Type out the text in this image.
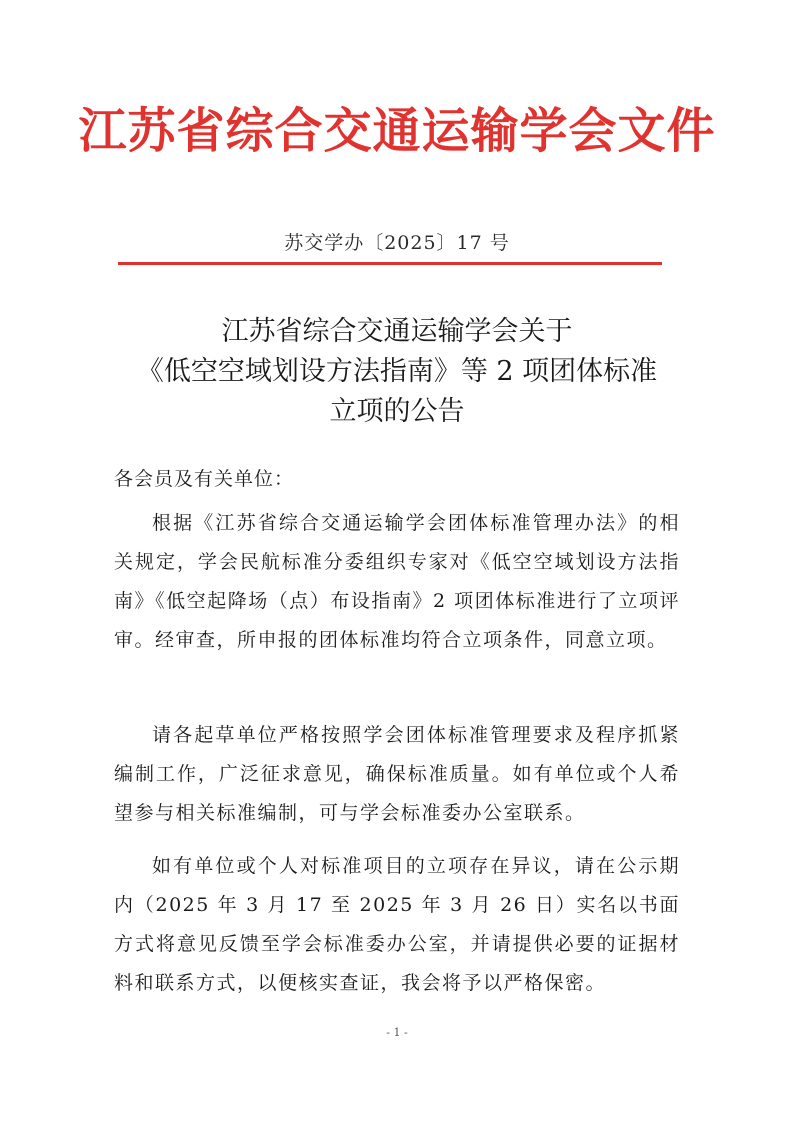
江苏省综合交通运输学会文件
苏交学办〔2025〕17 号
江苏省综合交通运输学会关于
《低空空域划设方法指南》等 2 项团体标准
立项的公告
各会员及有关单位：

根据《江苏省综合交通运输学会团体标准管理办法》的相关规定，学会民航标准分委组织专家对《低空空域划设方法指南》《低空起降场（点）布设指南》2 项团体标准进行了立项评审。经审查，所申报的团体标准均符合立项条件，同意立项。

请各起草单位严格按照学会团体标准管理要求及程序抓紧编制工作，广泛征求意见，确保标准质量。如有单位或个人希望参与相关标准编制，可与学会标准委办公室联系。

如有单位或个人对标准项目的立项存在异议，请在公示期内（2025 年 3 月 17 至 2025 年 3 月 26 日）实名以书面方式将意见反馈至学会标准委办公室，并请提供必要的证据材料和联系方式，以便核实查证，我会将予以严格保密。

- 1 -
